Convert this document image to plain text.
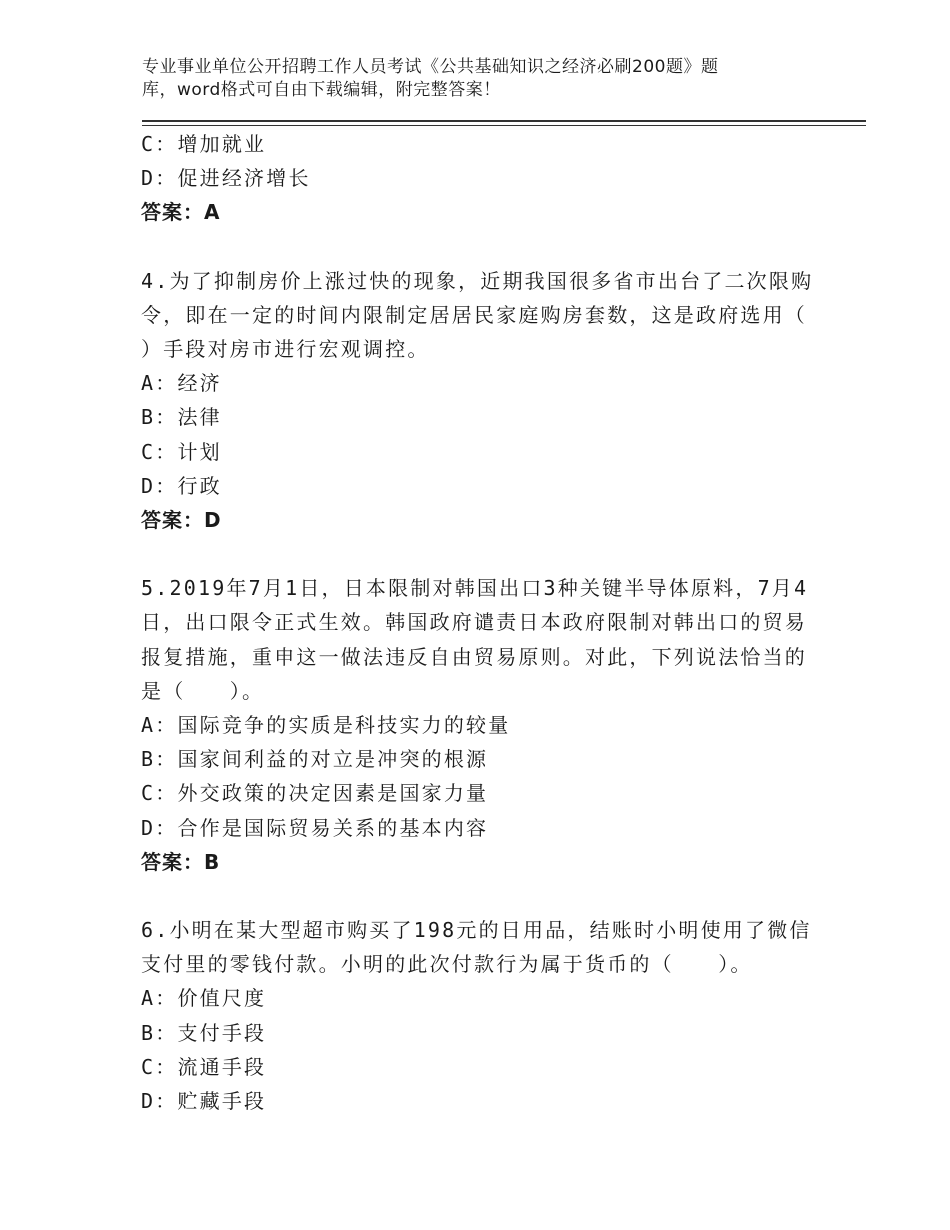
专业事业单位公开招聘工作人员考试《公共基础知识之经济必刷200题》题
库，word格式可自由下载编辑，附完整答案！
C：增加就业
D：促进经济增长
答案：A
4.为了抑制房价上涨过快的现象，近期我国很多省市出台了二次限购
令，即在一定的时间内限制定居居民家庭购房套数，这是政府选用（
）手段对房市进行宏观调控。
A：经济
B：法律
C：计划
D：行政
答案：D
5.2019年7月1日，日本限制对韩国出口3种关键半导体原料，7月4
日，出口限令正式生效。韩国政府谴责日本政府限制对韩出口的贸易
报复措施，重申这一做法违反自由贸易原则。对此，下列说法恰当的
是（　　）。
A：国际竞争的实质是科技实力的较量
B：国家间利益的对立是冲突的根源
C：外交政策的决定因素是国家力量
D：合作是国际贸易关系的基本内容
答案：B
6.小明在某大型超市购买了198元的日用品，结账时小明使用了微信
支付里的零钱付款。小明的此次付款行为属于货币的（　　）。
A：价值尺度
B：支付手段
C：流通手段
D：贮藏手段
